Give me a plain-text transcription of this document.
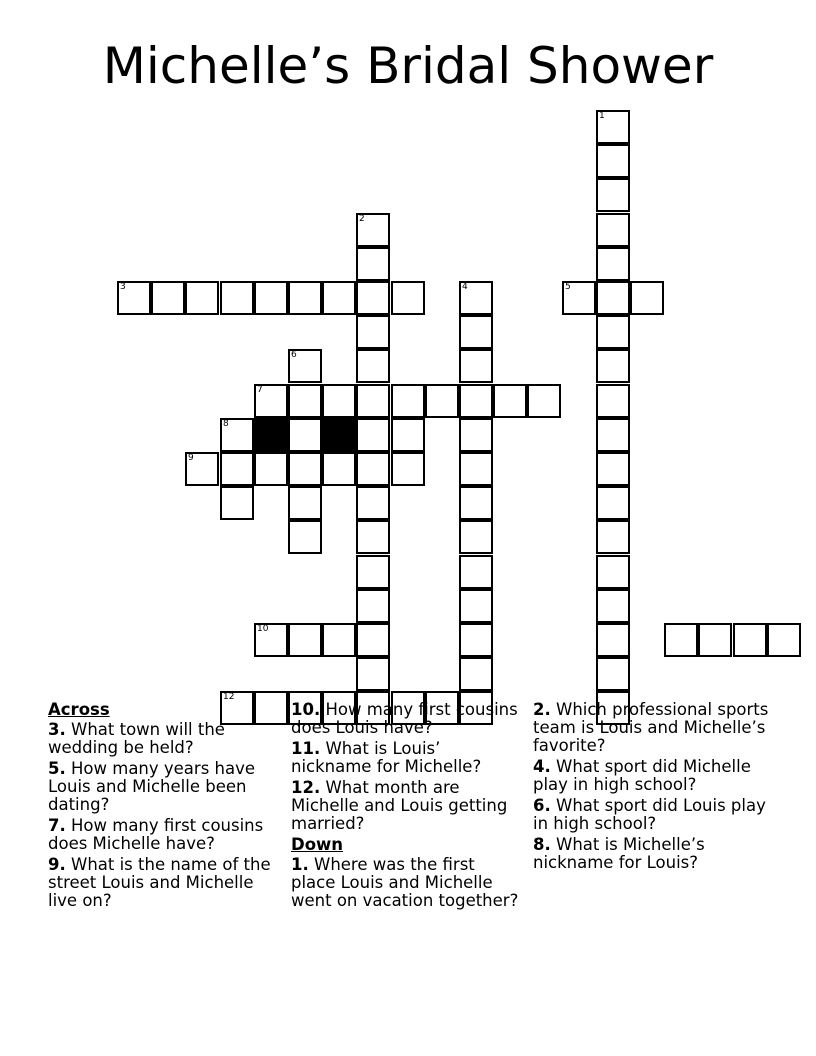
Michelle’s Bridal Shower
1
2
3	4	5
6
7
8
9
10
12
Across
3. What town will the wedding be held?
5. How many years have Louis and Michelle been dating?
7. How many first cousins does Michelle have?
9. What is the name of the street Louis and Michelle live on?
10. How many first cousins does Louis have?
11. What is Louis’ nickname for Michelle?
12. What month are Michelle and Louis getting married?
Down
1. Where was the first place Louis and Michelle went on vacation together?
2. Which professional sports team is Louis and Michelle’s favorite?
4. What sport did Michelle play in high school?
6. What sport did Louis play in high school?
8. What is Michelle’s nickname for Louis?
